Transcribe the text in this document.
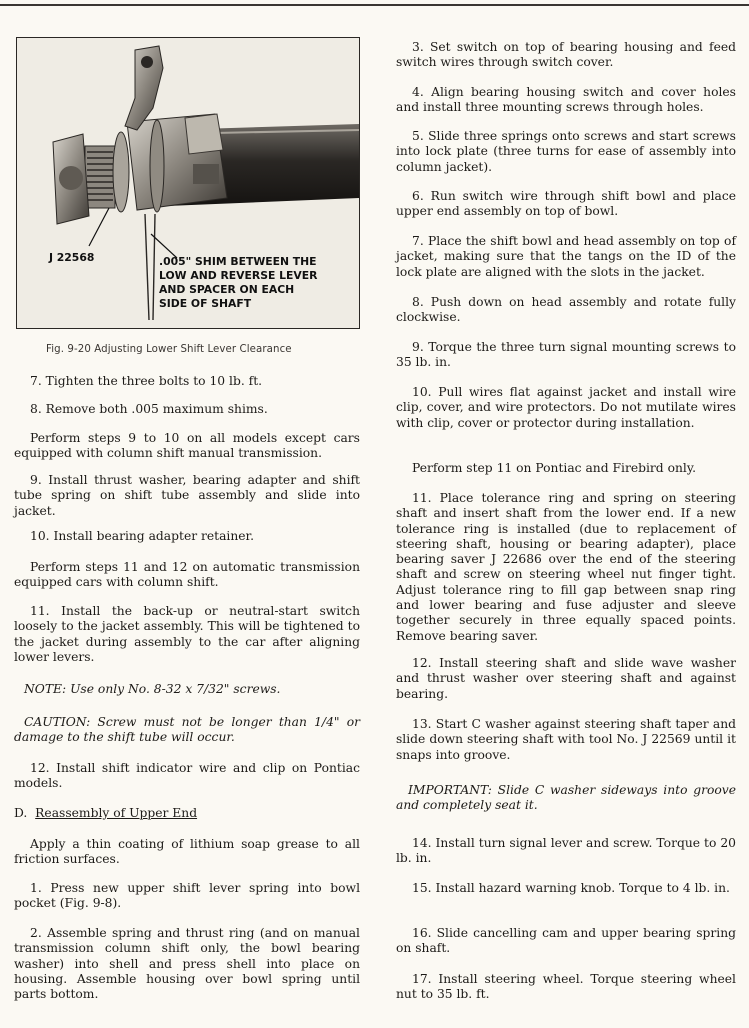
J 22568	.005" SHIM BETWEEN THE
LOW AND REVERSE LEVER
AND SPACER ON EACH
SIDE OF SHAFT
Fig. 9-20 Adjusting Lower Shift Lever Clearance

7. Tighten the three bolts to 10 lb. ft.

8. Remove both .005 maximum shims.

Perform steps 9 to 10 on all models except cars equipped with column shift manual transmission.

9. Install thrust washer, bearing adapter and shift tube spring on shift tube assembly and slide into jacket.

10. Install bearing adapter retainer.

Perform steps 11 and 12 on automatic transmission equipped cars with column shift.

11. Install the back-up or neutral-start switch loosely to the jacket assembly. This will be tightened to the jacket during assembly to the car after aligning lower levers.

NOTE: Use only No. 8-32 x 7/32" screws.

CAUTION: Screw must not be longer than 1/4" or damage to the shift tube will occur.

12. Install shift indicator wire and clip on Pontiac models.

D. Reassembly of Upper End

Apply a thin coating of lithium soap grease to all friction surfaces.

1. Press new upper shift lever spring into bowl pocket (Fig. 9-8).

2. Assemble spring and thrust ring (and on manual transmission column shift only, the bowl bearing washer) into shell and press shell into place on housing. Assemble housing over bowl spring until parts bottom.

3. Set switch on top of bearing housing and feed switch wires through switch cover.

4. Align bearing housing switch and cover holes and install three mounting screws through holes.

5. Slide three springs onto screws and start screws into lock plate (three turns for ease of assembly into column jacket).

6. Run switch wire through shift bowl and place upper end assembly on top of bowl.

7. Place the shift bowl and head assembly on top of jacket, making sure that the tangs on the ID of the lock plate are aligned with the slots in the jacket.

8. Push down on head assembly and rotate fully clockwise.

9. Torque the three turn signal mounting screws to 35 lb. in.

10. Pull wires flat against jacket and install wire clip, cover, and wire protectors. Do not mutilate wires with clip, cover or protector during installation.

Perform step 11 on Pontiac and Firebird only.

11. Place tolerance ring and spring on steering shaft and insert shaft from the lower end. If a new tolerance ring is installed (due to replacement of steering shaft, housing or bearing adapter), place bearing saver J 22686 over the end of the steering shaft and screw on steering wheel nut finger tight. Adjust tolerance ring to fill gap between snap ring and lower bearing and fuse adjuster and sleeve together securely in three equally spaced points. Remove bearing saver.

12. Install steering shaft and slide wave washer and thrust washer over steering shaft and against bearing.

13. Start C washer against steering shaft taper and slide down steering shaft with tool No. J 22569 until it snaps into groove.

IMPORTANT: Slide C washer sideways into groove and completely seat it.

14. Install turn signal lever and screw. Torque to 20 lb. in.

15. Install hazard warning knob. Torque to 4 lb. in.

16. Slide cancelling cam and upper bearing spring on shaft.

17. Install steering wheel. Torque steering wheel nut to 35 lb. ft.
